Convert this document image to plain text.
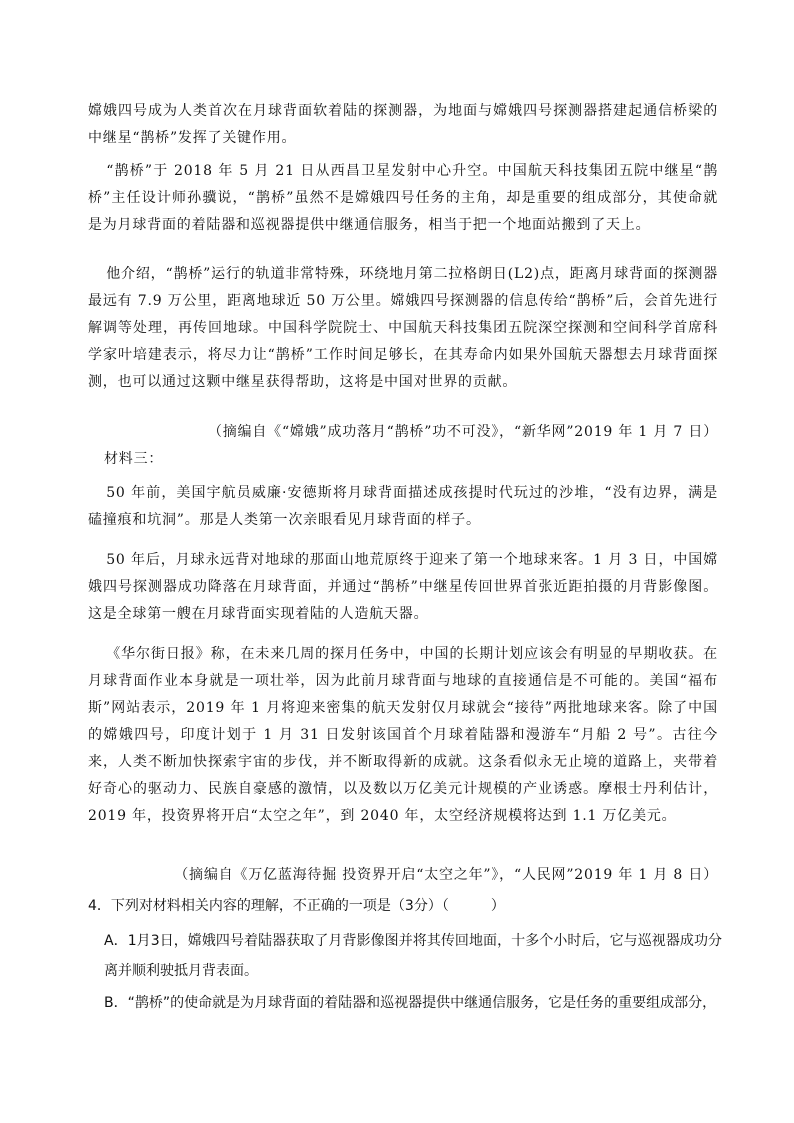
嫦娥四号成为人类首次在月球背面软着陆的探测器，为地面与嫦娥四号探测器搭建起通信桥梁的中继星“鹊桥”发挥了关键作用。

“鹊桥”于 2018 年 5 月 21 日从西昌卫星发射中心升空。中国航天科技集团五院中继星“鹊桥”主任设计师孙骥说，“鹊桥”虽然不是嫦娥四号任务的主角，却是重要的组成部分，其使命就是为月球背面的着陆器和巡视器提供中继通信服务，相当于把一个地面站搬到了天上。

他介绍，“鹊桥”运行的轨道非常特殊，环绕地月第二拉格朗日(L2)点，距离月球背面的探测器最远有 7.9 万公里，距离地球近 50 万公里。嫦娥四号探测器的信息传给“鹊桥”后，会首先进行解调等处理，再传回地球。中国科学院院士、中国航天科技集团五院深空探测和空间科学首席科学家叶培建表示，将尽力让“鹊桥”工作时间足够长，在其寿命内如果外国航天器想去月球背面探测，也可以通过这颗中继星获得帮助，这将是中国对世界的贡献。

（摘编自《“嫦娥”成功落月“鹊桥”功不可没》，“新华网”2019 年 1 月 7 日）

材料三：

50 年前，美国宇航员威廉·安德斯将月球背面描述成孩提时代玩过的沙堆，“没有边界，满是磕撞痕和坑洞”。那是人类第一次亲眼看见月球背面的样子。

50 年后，月球永远背对地球的那面山地荒原终于迎来了第一个地球来客。1 月 3 日，中国嫦娥四号探测器成功降落在月球背面，并通过“鹊桥”中继星传回世界首张近距拍摄的月背影像图。这是全球第一艘在月球背面实现着陆的人造航天器。

《华尔街日报》称，在未来几周的探月任务中，中国的长期计划应该会有明显的早期收获。在月球背面作业本身就是一项壮举，因为此前月球背面与地球的直接通信是不可能的。美国“福布斯”网站表示，2019 年 1 月将迎来密集的航天发射仅月球就会“接待”两批地球来客。除了中国的嫦娥四号，印度计划于 1 月 31 日发射该国首个月球着陆器和漫游车“月船 2 号”。古往今来，人类不断加快探索宇宙的步伐，并不断取得新的成就。这条看似永无止境的道路上，夹带着好奇心的驱动力、民族自豪感的激情，以及数以万亿美元计规模的产业诱惑。摩根士丹利估计，2019 年，投资界将开启“太空之年”，到 2040 年，太空经济规模将达到 1.1 万亿美元。

（摘编自《万亿蓝海待掘 投资界开启“太空之年”》，“人民网”2019 年 1 月 8 日）

4．下列对材料相关内容的理解，不正确的一项是（3分）（　　　）

A．1月3日，嫦娥四号着陆器获取了月背影像图并将其传回地面，十多个小时后，它与巡视器成功分离并顺利驶抵月背表面。

B．“鹊桥”的使命就是为月球背面的着陆器和巡视器提供中继通信服务，它是任务的重要组成部分，
